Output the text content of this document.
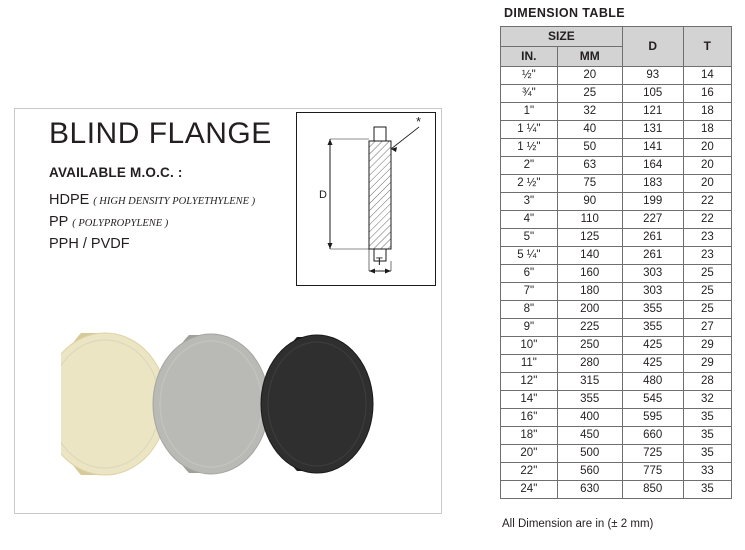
BLIND FLANGE
AVAILABLE M.O.C. :
HDPE ( HIGH DENSITY POLYETHYLENE )
PP ( POLYPROPYLENE )
PPH / PVDF
D
T
*
DIMENSION TABLE
SIZE		D	T
IN.	MM		
½"	20	93	14
¾"	25	105	16
1"	32	121	18
1 ¼"	40	131	18
1 ½"	50	141	20
2"	63	164	20
2 ½"	75	183	20
3"	90	199	22
4"	110	227	22
5"	125	261	23
5 ¼"	140	261	23
6"	160	303	25
7"	180	303	25
8"	200	355	25
9"	225	355	27
10"	250	425	29
11"	280	425	29
12"	315	480	28
14"	355	545	32
16"	400	595	35
18"	450	660	35
20"	500	725	35
22"	560	775	33
24"	630	850	35
All Dimension are in (± 2 mm)
